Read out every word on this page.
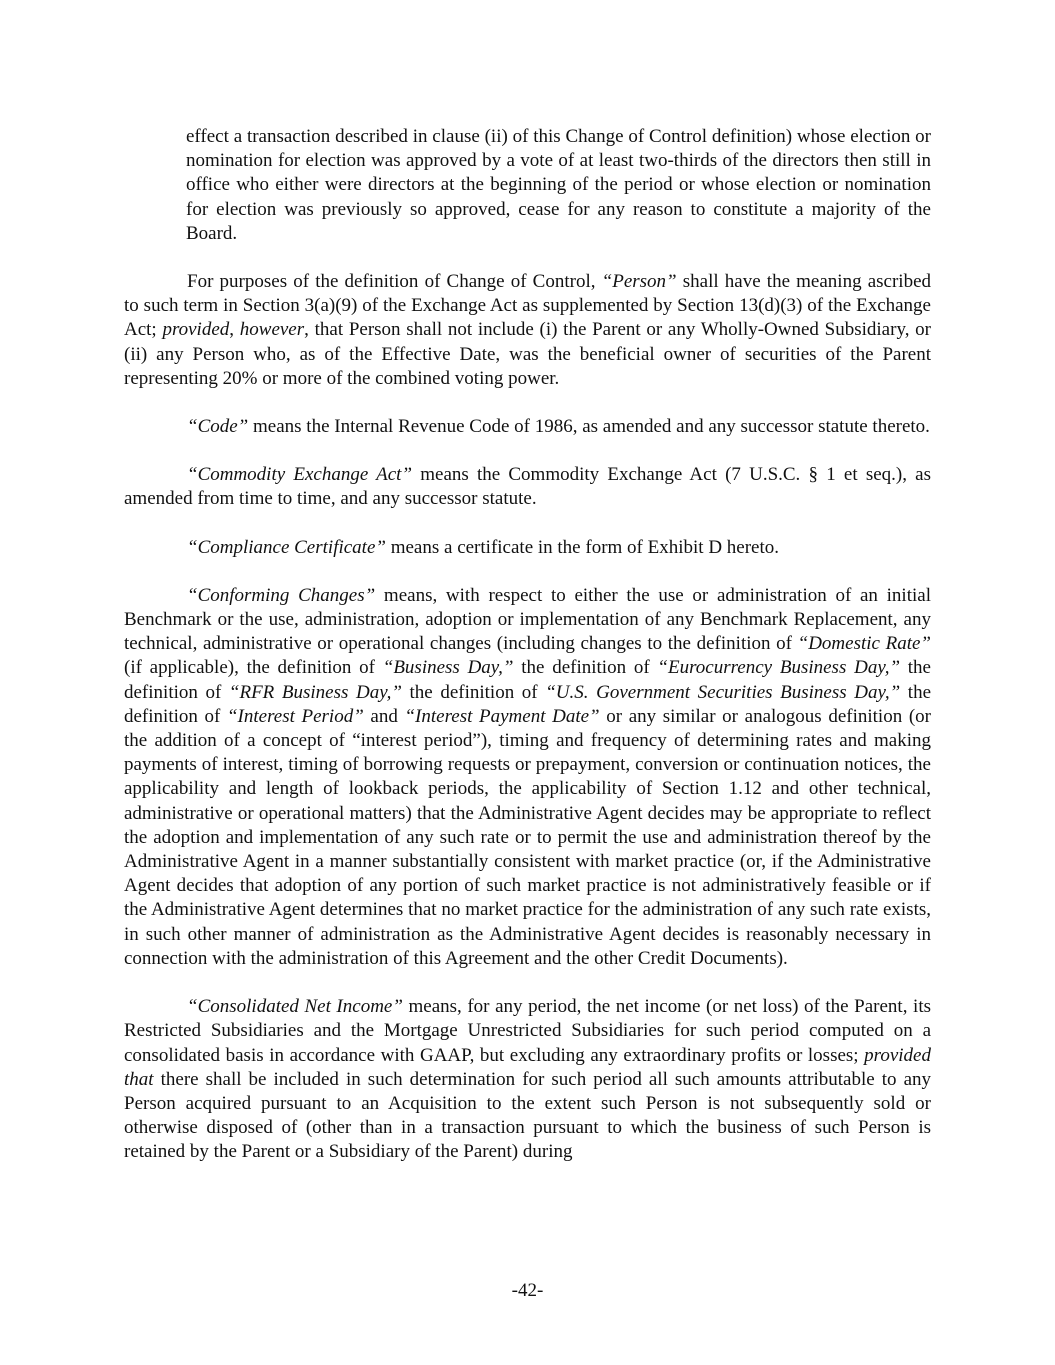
effect a transaction described in clause (ii) of this Change of Control definition) whose election or nomination for election was approved by a vote of at least two-thirds of the directors then still in office who either were directors at the beginning of the period or whose election or nomination for election was previously so approved, cease for any reason to constitute a majority of the Board.

For purposes of the definition of Change of Control, “Person” shall have the meaning ascribed to such term in Section 3(a)(9) of the Exchange Act as supplemented by Section 13(d)(3) of the Exchange Act; provided, however, that Person shall not include (i) the Parent or any Wholly-Owned Subsidiary, or (ii) any Person who, as of the Effective Date, was the beneficial owner of securities of the Parent representing 20% or more of the combined voting power.

“Code” means the Internal Revenue Code of 1986, as amended and any successor statute thereto.

“Commodity Exchange Act” means the Commodity Exchange Act (7 U.S.C. § 1 et seq.), as amended from time to time, and any successor statute.

“Compliance Certificate” means a certificate in the form of Exhibit D hereto.

“Conforming Changes” means, with respect to either the use or administration of an initial Benchmark or the use, administration, adoption or implementation of any Benchmark Replacement, any technical, administrative or operational changes (including changes to the definition of “Domestic Rate” (if applicable), the definition of “Business Day,” the definition of “Eurocurrency Business Day,” the definition of “RFR Business Day,” the definition of “U.S. Government Securities Business Day,” the definition of “Interest Period” and “Interest Payment Date” or any similar or analogous definition (or the addition of a concept of “interest period”), timing and frequency of determining rates and making payments of interest, timing of borrowing requests or prepayment, conversion or continuation notices, the applicability and length of lookback periods, the applicability of Section 1.12 and other technical, administrative or operational matters) that the Administrative Agent decides may be appropriate to reflect the adoption and implementation of any such rate or to permit the use and administration thereof by the Administrative Agent in a manner substantially consistent with market practice (or, if the Administrative Agent decides that adoption of any portion of such market practice is not administratively feasible or if the Administrative Agent determines that no market practice for the administration of any such rate exists, in such other manner of administration as the Administrative Agent decides is reasonably necessary in connection with the administration of this Agreement and the other Credit Documents).

“Consolidated Net Income” means, for any period, the net income (or net loss) of the Parent, its Restricted Subsidiaries and the Mortgage Unrestricted Subsidiaries for such period computed on a consolidated basis in accordance with GAAP, but excluding any extraordinary profits or losses; provided that there shall be included in such determination for such period all such amounts attributable to any Person acquired pursuant to an Acquisition to the extent such Person is not subsequently sold or otherwise disposed of (other than in a transaction pursuant to which the business of such Person is retained by the Parent or a Subsidiary of the Parent) during

-42-
